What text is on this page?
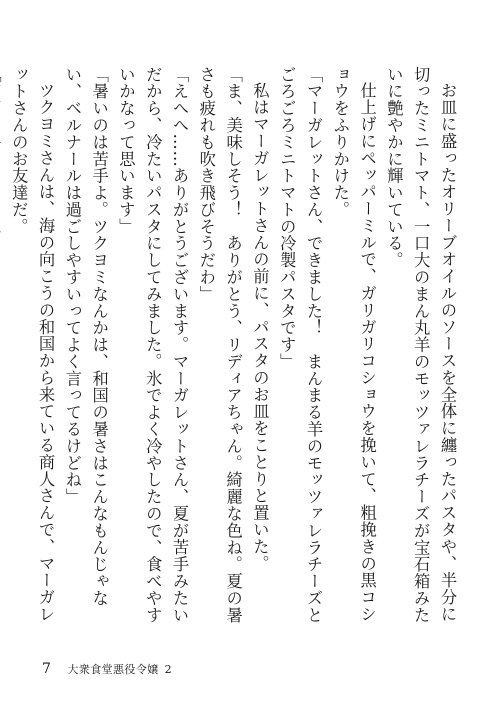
お皿に盛ったオリーブオイルのソースを全体に纏ったパスタや、半分に切ったミニトマト、一口大のまん丸羊のモッツァレラチーズが宝石箱みたいに艶やかに輝いている。

仕上げにペッパーミルで、ガリガリコショウを挽いて、粗挽きの黒コショウをふりかけた。

「マーガレットさん、できました！　まんまる羊のモッツァレラチーズとごろごろミニトマトの冷製パスタです」

私はマーガレットさんの前に、パスタのお皿をことりと置いた。

「ま、美味しそう！　ありがとう、リディアちゃん。綺麗な色ね。夏の暑さも疲れも吹き飛びそうだわ」

「えへへ……ありがとうございます。マーガレットさん、夏が苦手みたいだから、冷たいパスタにしてみました。氷でよく冷やしたので、食べやすいかなって思います」

「暑いのは苦手よ。ツクヨミなんかは、和国の暑さはこんなもんじゃない、ベルナールは過ごしやすいってよく言ってるけどね」

ツクヨミさんは、海の向こうの和国から来ている商人さんで、マーガレットさんのお友達だ。

7 大衆食堂悪役令嬢 2
